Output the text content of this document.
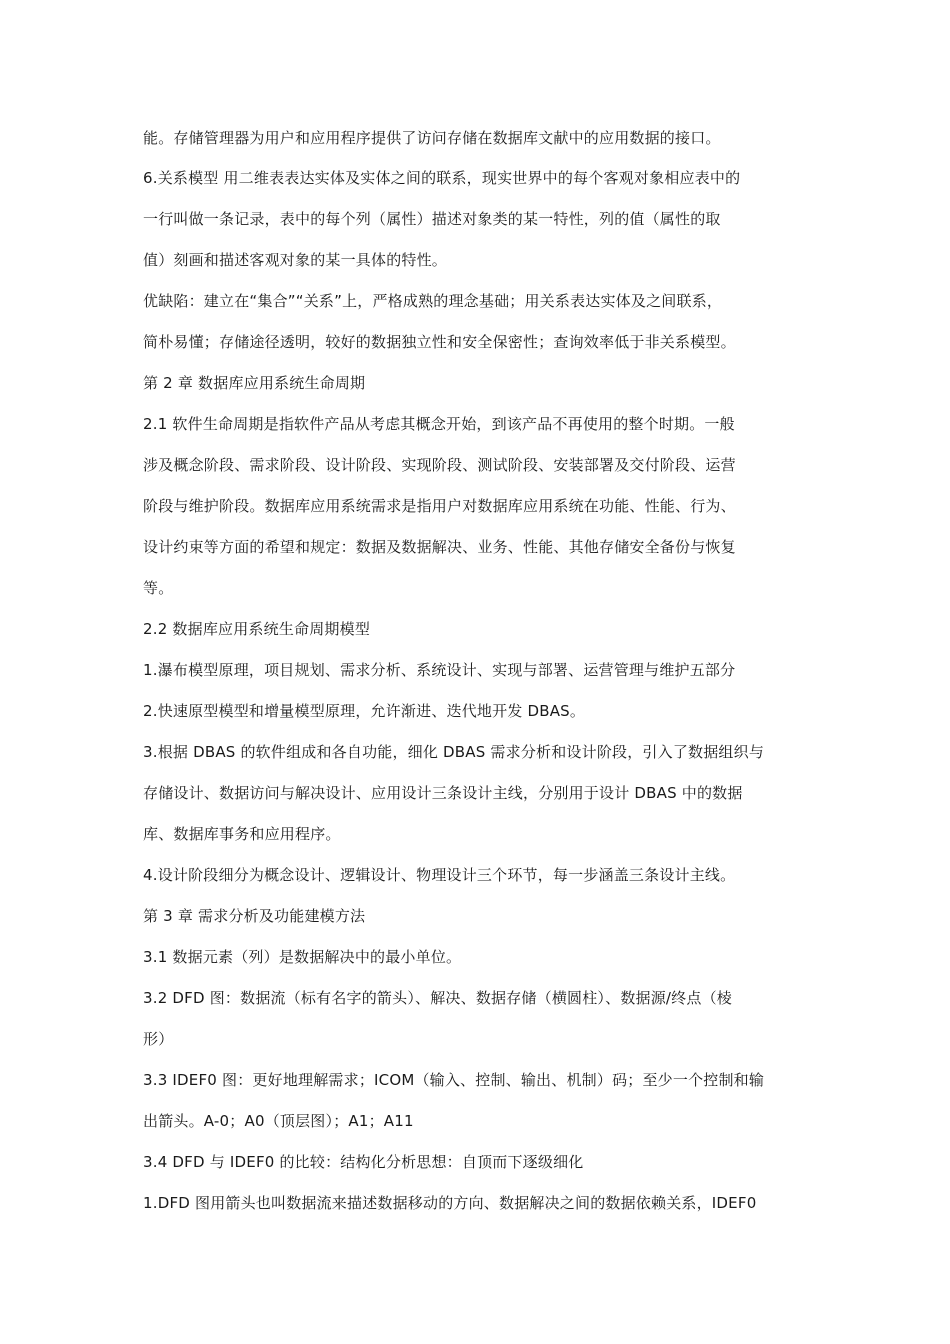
能。存储管理器为用户和应用程序提供了访问存储在数据库文献中的应用数据的接口。
6.关系模型 用二维表表达实体及实体之间的联系，现实世界中的每个客观对象相应表中的
一行叫做一条记录，表中的每个列（属性）描述对象类的某一特性，列的值（属性的取
值）刻画和描述客观对象的某一具体的特性。
优缺陷：建立在“集合”“关系”上，严格成熟的理念基础；用关系表达实体及之间联系，
简朴易懂；存储途径透明，较好的数据独立性和安全保密性；查询效率低于非关系模型。
第 2 章 数据库应用系统生命周期
2.1 软件生命周期是指软件产品从考虑其概念开始，到该产品不再使用的整个时期。一般
涉及概念阶段、需求阶段、设计阶段、实现阶段、测试阶段、安装部署及交付阶段、运营
阶段与维护阶段。数据库应用系统需求是指用户对数据库应用系统在功能、性能、行为、
设计约束等方面的希望和规定：数据及数据解决、业务、性能、其他存储安全备份与恢复
等。
2.2 数据库应用系统生命周期模型
1.瀑布模型原理，项目规划、需求分析、系统设计、实现与部署、运营管理与维护五部分
2.快速原型模型和增量模型原理，允许渐进、迭代地开发 DBAS。
3.根据 DBAS 的软件组成和各自功能，细化 DBAS 需求分析和设计阶段，引入了数据组织与
存储设计、数据访问与解决设计、应用设计三条设计主线，分别用于设计 DBAS 中的数据
库、数据库事务和应用程序。
4.设计阶段细分为概念设计、逻辑设计、物理设计三个环节，每一步涵盖三条设计主线。
第 3 章 需求分析及功能建模方法
3.1 数据元素（列）是数据解决中的最小单位。
3.2 DFD 图：数据流（标有名字的箭头）、解决、数据存储（横圆柱）、数据源/终点（棱
形）
3.3 IDEF0 图：更好地理解需求；ICOM（输入、控制、输出、机制）码；至少一个控制和输
出箭头。A-0；A0（顶层图）；A1；A11
3.4 DFD 与 IDEF0 的比较：结构化分析思想：自顶而下逐级细化
1.DFD 图用箭头也叫数据流来描述数据移动的方向、数据解决之间的数据依赖关系，IDEF0
